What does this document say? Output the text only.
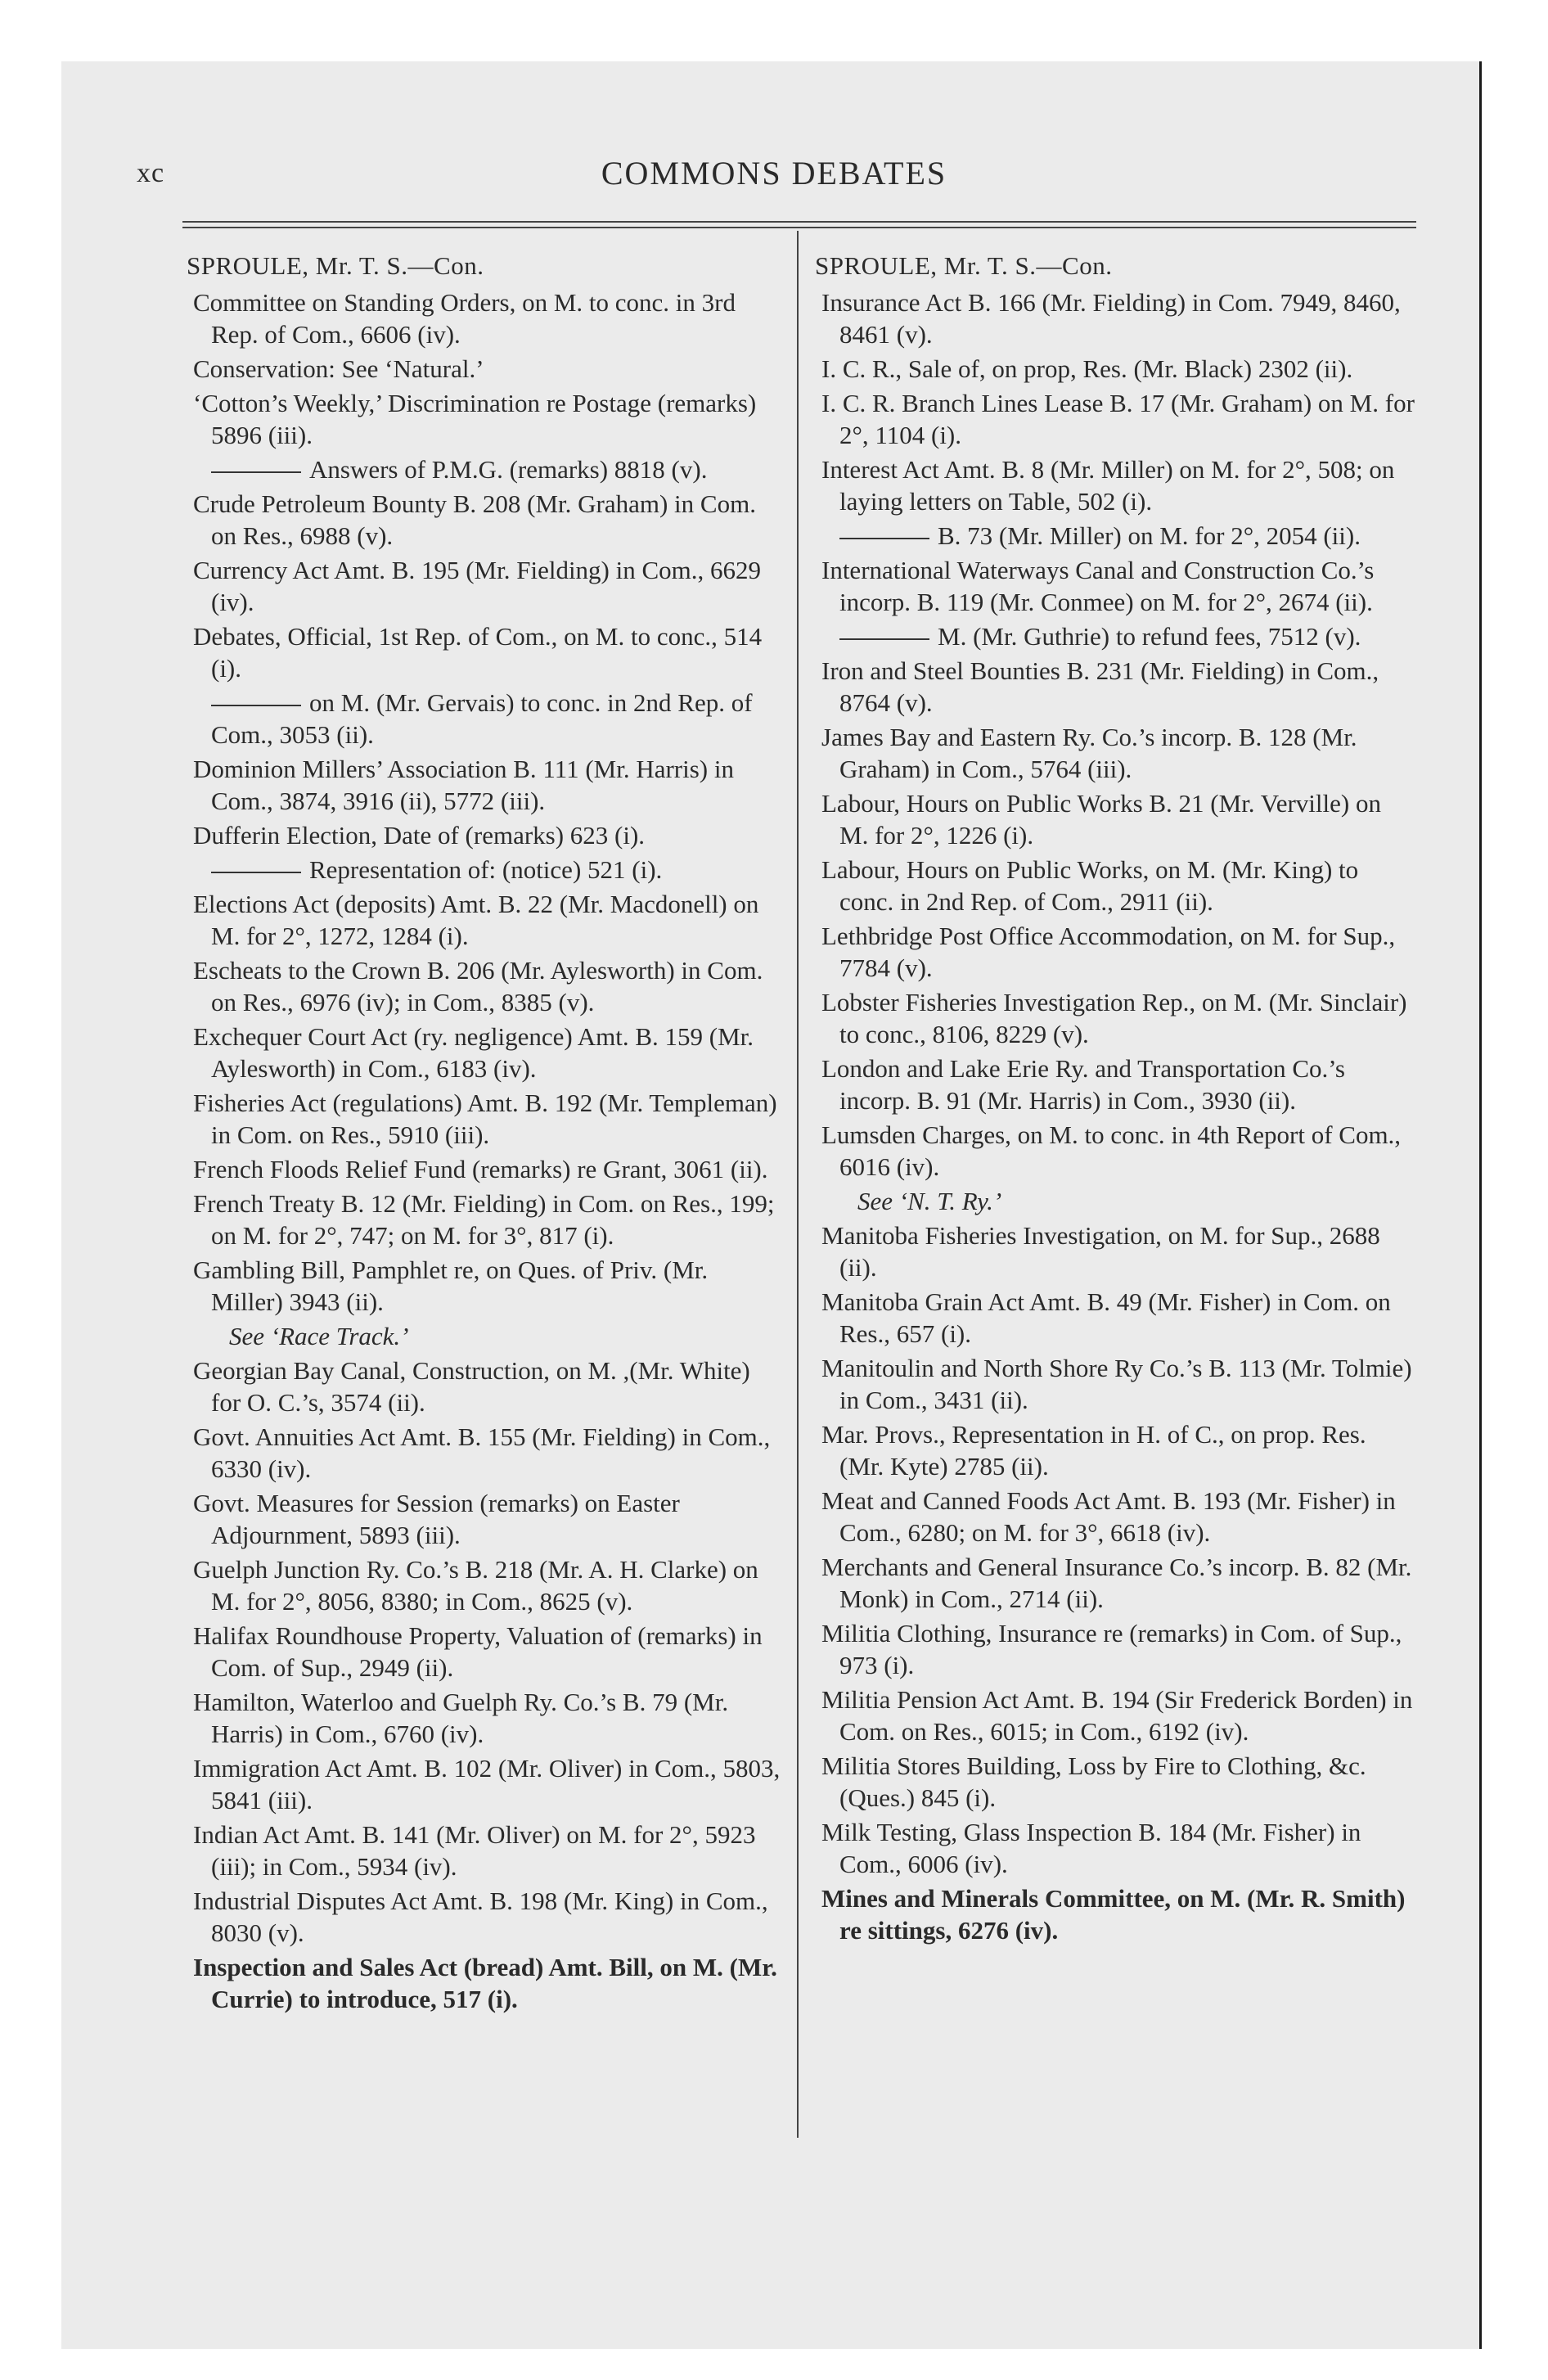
xc	COMMONS DEBATES
SPROULE, Mr. T. S.—Con.
Committee on Standing Orders, on M. to conc. in 3rd Rep. of Com., 6606 (iv).
Conservation: See ‘Natural.’
‘Cotton’s Weekly,’ Discrimination re Postage (remarks) 5896 (iii).
Answers of P.M.G. (remarks) 8818 (v).
Crude Petroleum Bounty B. 208 (Mr. Graham) in Com. on Res., 6988 (v).
Currency Act Amt. B. 195 (Mr. Fielding) in Com., 6629 (iv).
Debates, Official, 1st Rep. of Com., on M. to conc., 514 (i).
on M. (Mr. Gervais) to conc. in 2nd Rep. of Com., 3053 (ii).
Dominion Millers’ Association B. 111 (Mr. Harris) in Com., 3874, 3916 (ii), 5772 (iii).
Dufferin Election, Date of (remarks) 623 (i).
Representation of: (notice) 521 (i).
Elections Act (deposits) Amt. B. 22 (Mr. Macdonell) on M. for 2°, 1272, 1284 (i).
Escheats to the Crown B. 206 (Mr. Aylesworth) in Com. on Res., 6976 (iv); in Com., 8385 (v).
Exchequer Court Act (ry. negligence) Amt. B. 159 (Mr. Aylesworth) in Com., 6183 (iv).
Fisheries Act (regulations) Amt. B. 192 (Mr. Templeman) in Com. on Res., 5910 (iii).
French Floods Relief Fund (remarks) re Grant, 3061 (ii).
French Treaty B. 12 (Mr. Fielding) in Com. on Res., 199; on M. for 2°, 747; on M. for 3°, 817 (i).
Gambling Bill, Pamphlet re, on Ques. of Priv. (Mr. Miller) 3943 (ii).
See ‘Race Track.’
Georgian Bay Canal, Construction, on M. ,(Mr. White) for O. C.’s, 3574 (ii).
Govt. Annuities Act Amt. B. 155 (Mr. Fielding) in Com., 6330 (iv).
Govt. Measures for Session (remarks) on Easter Adjournment, 5893 (iii).
Guelph Junction Ry. Co.’s B. 218 (Mr. A. H. Clarke) on M. for 2°, 8056, 8380; in Com., 8625 (v).
Halifax Roundhouse Property, Valuation of (remarks) in Com. of Sup., 2949 (ii).
Hamilton, Waterloo and Guelph Ry. Co.’s B. 79 (Mr. Harris) in Com., 6760 (iv).
Immigration Act Amt. B. 102 (Mr. Oliver) in Com., 5803, 5841 (iii).
Indian Act Amt. B. 141 (Mr. Oliver) on M. for 2°, 5923 (iii); in Com., 5934 (iv).
Industrial Disputes Act Amt. B. 198 (Mr. King) in Com., 8030 (v).
Inspection and Sales Act (bread) Amt. Bill, on M. (Mr. Currie) to introduce, 517 (i).
SPROULE, Mr. T. S.—Con.
Insurance Act B. 166 (Mr. Fielding) in Com. 7949, 8460, 8461 (v).
I. C. R., Sale of, on prop, Res. (Mr. Black) 2302 (ii).
I. C. R. Branch Lines Lease B. 17 (Mr. Graham) on M. for 2°, 1104 (i).
Interest Act Amt. B. 8 (Mr. Miller) on M. for 2°, 508; on laying letters on Table, 502 (i).
B. 73 (Mr. Miller) on M. for 2°, 2054 (ii).
International Waterways Canal and Construction Co.’s incorp. B. 119 (Mr. Conmee) on M. for 2°, 2674 (ii).
M. (Mr. Guthrie) to refund fees, 7512 (v).
Iron and Steel Bounties B. 231 (Mr. Fielding) in Com., 8764 (v).
James Bay and Eastern Ry. Co.’s incorp. B. 128 (Mr. Graham) in Com., 5764 (iii).
Labour, Hours on Public Works B. 21 (Mr. Verville) on M. for 2°, 1226 (i).
Labour, Hours on Public Works, on M. (Mr. King) to conc. in 2nd Rep. of Com., 2911 (ii).
Lethbridge Post Office Accommodation, on M. for Sup., 7784 (v).
Lobster Fisheries Investigation Rep., on M. (Mr. Sinclair) to conc., 8106, 8229 (v).
London and Lake Erie Ry. and Transportation Co.’s incorp. B. 91 (Mr. Harris) in Com., 3930 (ii).
Lumsden Charges, on M. to conc. in 4th Report of Com., 6016 (iv).
See ‘N. T. Ry.’
Manitoba Fisheries Investigation, on M. for Sup., 2688 (ii).
Manitoba Grain Act Amt. B. 49 (Mr. Fisher) in Com. on Res., 657 (i).
Manitoulin and North Shore Ry Co.’s B. 113 (Mr. Tolmie) in Com., 3431 (ii).
Mar. Provs., Representation in H. of C., on prop. Res. (Mr. Kyte) 2785 (ii).
Meat and Canned Foods Act Amt. B. 193 (Mr. Fisher) in Com., 6280; on M. for 3°, 6618 (iv).
Merchants and General Insurance Co.’s incorp. B. 82 (Mr. Monk) in Com., 2714 (ii).
Militia Clothing, Insurance re (remarks) in Com. of Sup., 973 (i).
Militia Pension Act Amt. B. 194 (Sir Frederick Borden) in Com. on Res., 6015; in Com., 6192 (iv).
Militia Stores Building, Loss by Fire to Clothing, &c. (Ques.) 845 (i).
Milk Testing, Glass Inspection B. 184 (Mr. Fisher) in Com., 6006 (iv).
Mines and Minerals Committee, on M. (Mr. R. Smith) re sittings, 6276 (iv).
